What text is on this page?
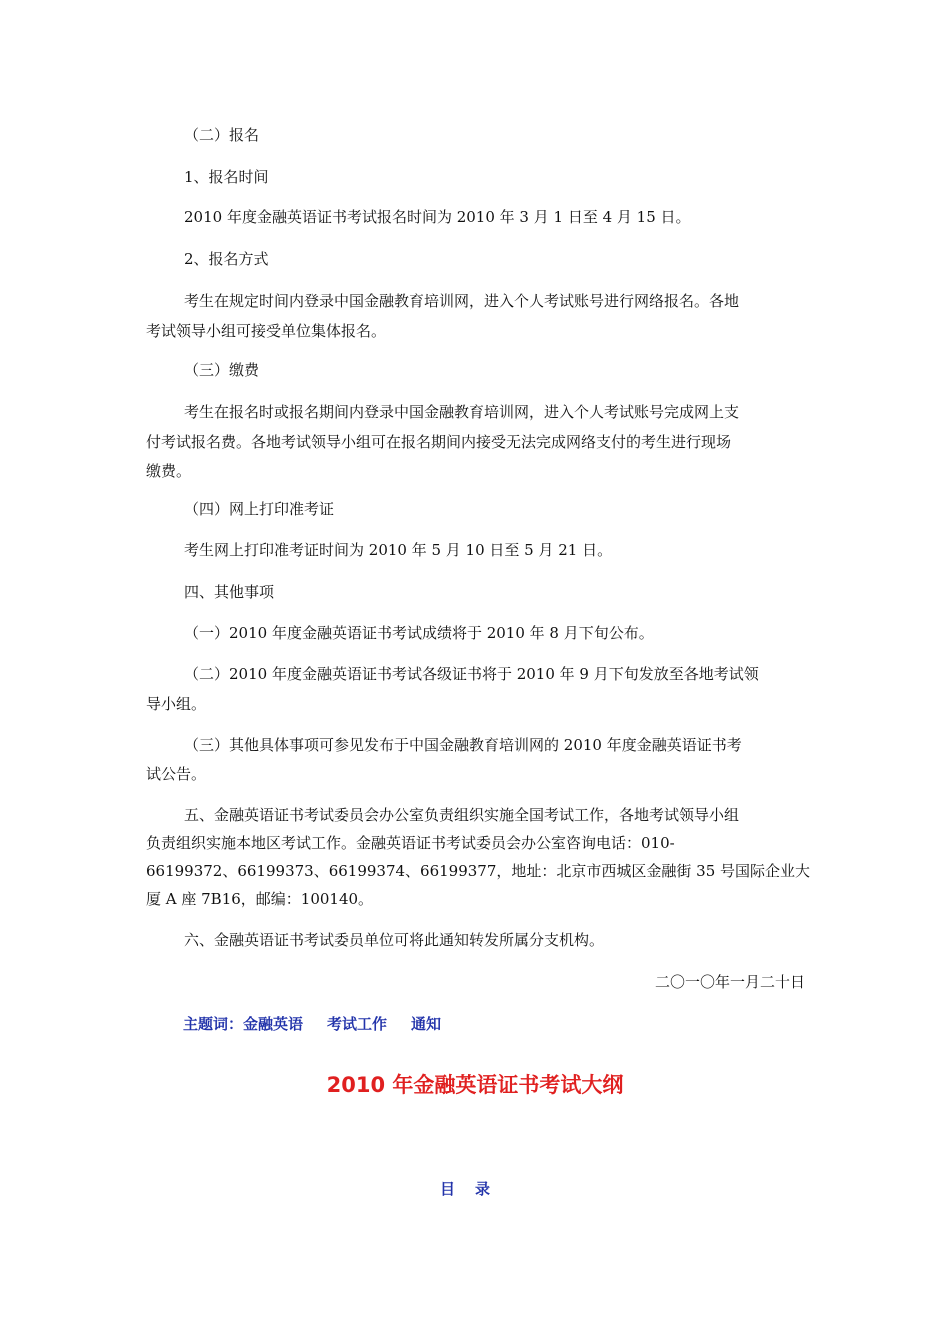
（二）报名
1、报名时间
2010 年度金融英语证书考试报名时间为 2010 年 3 月 1 日至 4 月 15 日。
2、报名方式
考生在规定时间内登录中国金融教育培训网，进入个人考试账号进行网络报名。各地
考试领导小组可接受单位集体报名。
（三）缴费
考生在报名时或报名期间内登录中国金融教育培训网，进入个人考试账号完成网上支
付考试报名费。各地考试领导小组可在报名期间内接受无法完成网络支付的考生进行现场
缴费。
（四）网上打印准考证
考生网上打印准考证时间为 2010 年 5 月 10 日至 5 月 21 日。
四、其他事项
（一）2010 年度金融英语证书考试成绩将于 2010 年 8 月下旬公布。
（二）2010 年度金融英语证书考试各级证书将于 2010 年 9 月下旬发放至各地考试领
导小组。
（三）其他具体事项可参见发布于中国金融教育培训网的 2010 年度金融英语证书考
试公告。
五、金融英语证书考试委员会办公室负责组织实施全国考试工作，各地考试领导小组
负责组织实施本地区考试工作。金融英语证书考试委员会办公室咨询电话：010-
66199372、66199373、66199374、66199377，地址：北京市西城区金融街 35 号国际企业大
厦 A 座 7B16，邮编：100140。
六、金融英语证书考试委员单位可将此通知转发所属分支机构。
二〇一〇年一月二十日
主题词：金融英语 考试工作 通知
2010 年金融英语证书考试大纲
目录
